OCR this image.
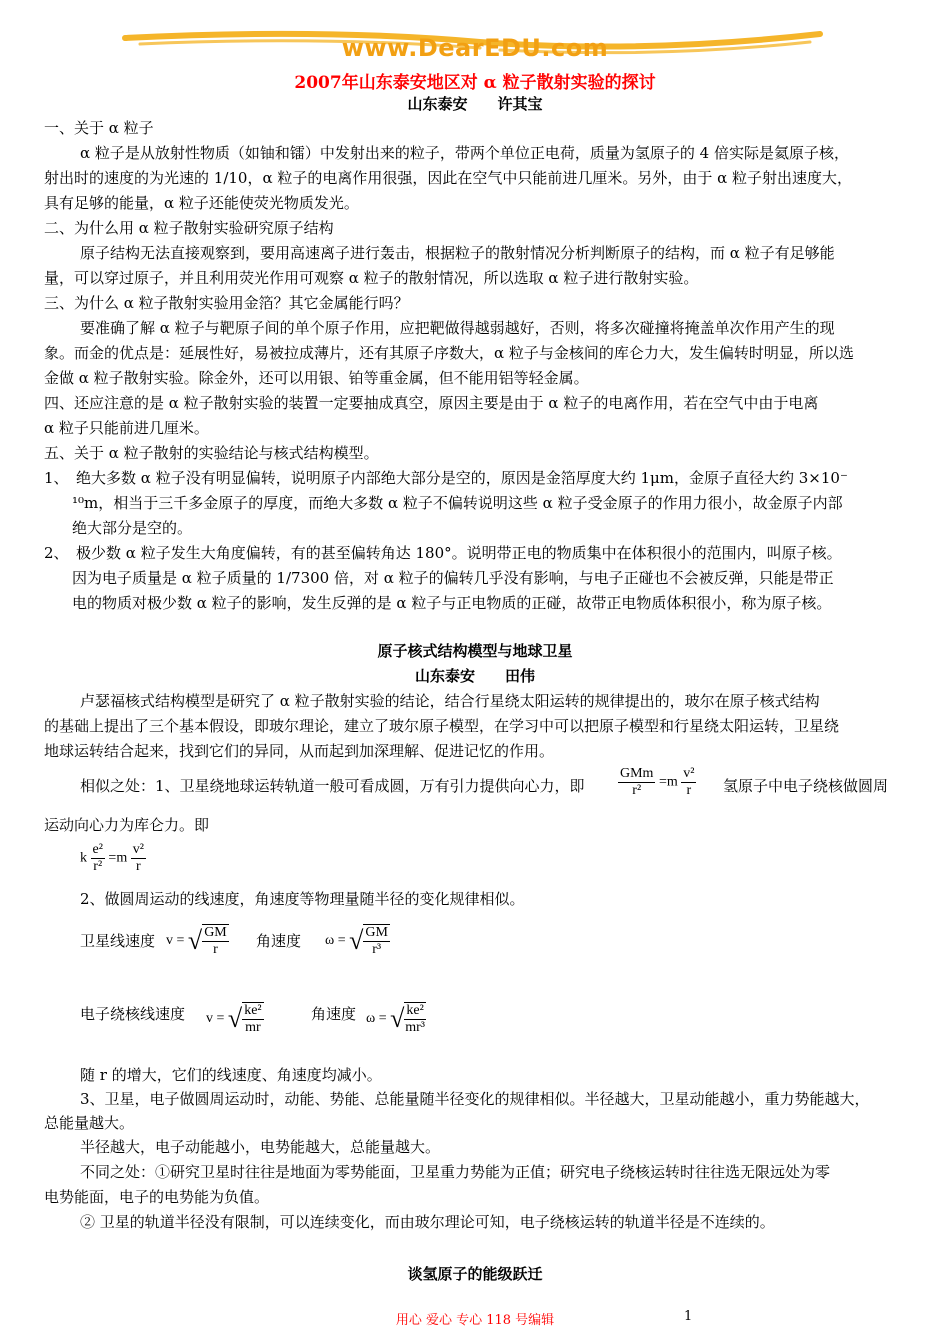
www.DearEDU.com
2007年山东泰安地区对 α 粒子散射实验的探讨
山东泰安　　许其宝
一、关于 α 粒子
α 粒子是从放射性物质（如铀和镭）中发射出来的粒子，带两个单位正电荷，质量为氢原子的 4 倍实际是氦原子核，
射出时的速度的为光速的 1/10，α 粒子的电离作用很强，因此在空气中只能前进几厘米。另外，由于 α 粒子射出速度大，
具有足够的能量，α 粒子还能使荧光物质发光。
二、为什么用 α 粒子散射实验研究原子结构
原子结构无法直接观察到，要用高速离子进行轰击，根据粒子的散射情况分析判断原子的结构，而 α 粒子有足够能
量，可以穿过原子，并且利用荧光作用可观察 α 粒子的散射情况，所以选取 α 粒子进行散射实验。
三、为什么 α 粒子散射实验用金箔？其它金属能行吗？
要准确了解 α 粒子与靶原子间的单个原子作用，应把靶做得越弱越好，否则，将多次碰撞将掩盖单次作用产生的现
象。而金的优点是：延展性好，易被拉成薄片，还有其原子序数大，α 粒子与金核间的库仑力大，发生偏转时明显，所以选
金做 α 粒子散射实验。除金外，还可以用银、铂等重金属，但不能用铝等轻金属。
四、还应注意的是 α 粒子散射实验的装置一定要抽成真空，原因主要是由于 α 粒子的电离作用，若在空气中由于电离
α 粒子只能前进几厘米。
五、关于 α 粒子散射的实验结论与核式结构模型。
1、　绝大多数 α 粒子没有明显偏转，说明原子内部绝大部分是空的，原因是金箔厚度大约 1μm，金原子直径大约 3×10⁻
¹⁰m，相当于三千多金原子的厚度，而绝大多数 α 粒子不偏转说明这些 α 粒子受金原子的作用力很小，故金原子内部
绝大部分是空的。
2、　极少数 α 粒子发生大角度偏转，有的甚至偏转角达 180°。说明带正电的物质集中在体积很小的范围内，叫原子核。
因为电子质量是 α 粒子质量的 1/7300 倍，对 α 粒子的偏转几乎没有影响，与电子正碰也不会被反弹，只能是带正
电的物质对极少数 α 粒子的影响，发生反弹的是 α 粒子与正电物质的正碰，故带正电物质体积很小，称为原子核。
原子核式结构模型与地球卫星
山东泰安　　田伟
卢瑟福核式结构模型是研究了 α 粒子散射实验的结论，结合行星绕太阳运转的规律提出的，玻尔在原子核式结构
的基础上提出了三个基本假设，即玻尔理论，建立了玻尔原子模型，在学习中可以把原子模型和行星绕太阳运转，卫星绕
地球运转结合起来，找到它们的异同，从而起到加深理解、促进记忆的作用。
相似之处：1、卫星绕地球运转轨道一般可看成圆，万有引力提供向心力，即 $\frac{\text{GMm}}{\text{r²}} =m \frac{\text{v²}}{r}$ 氢原子中电子绕核做圆周
运动向心力为库仑力。即
k $\frac{\text{e²}}{\text{r²}} =m \frac{\text{v²}}{r}$
2、做圆周运动的线速度，角速度等物理量随半径的变化规律相似。
卫星线速度 v = √ $\frac{GM}{r}$ 角速度 ω = √ $\frac{GM}{\text{r³}}$
电子绕核线速度 v = √ $\frac{\text{ke²}}{mr}$	角速度 ω = √ $\frac{\text{ke²}}{\text{mr³}}$
随 r 的增大，它们的线速度、角速度均减小。
3、卫星，电子做圆周运动时，动能、势能、总能量随半径变化的规律相似。半径越大，卫星动能越小，重力势能越大，
总能量越大。
半径越大，电子动能越小，电势能越大，总能量越大。
不同之处：①研究卫星时往往是地面为零势能面，卫星重力势能为正值；研究电子绕核运转时往往选无限远处为零
电势能面，电子的电势能为负值。
② 卫星的轨道半径没有限制，可以连续变化，而由玻尔理论可知，电子绕核运转的轨道半径是不连续的。
谈氢原子的能级跃迁
用心 爱心 专心 118 号编辑	1
